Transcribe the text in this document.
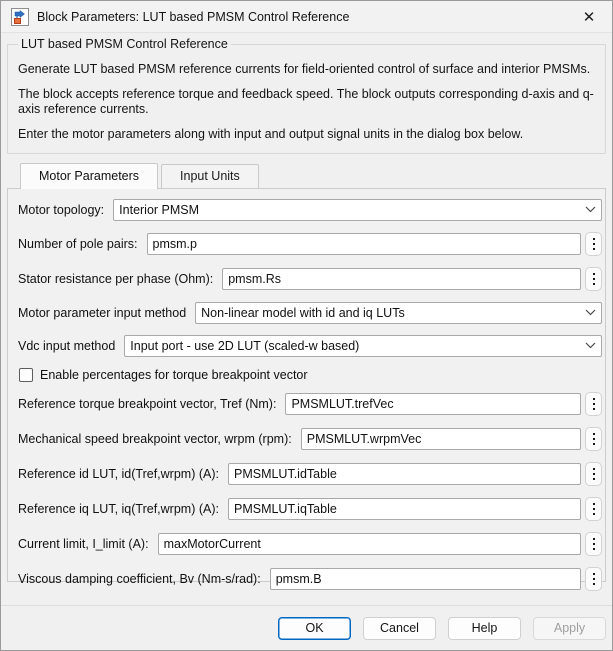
Block Parameters: LUT based PMSM Control Reference	✕
LUT based PMSM Control Reference

Generate LUT based PMSM reference currents for field-oriented control of surface and interior PMSMs.

The block accepts reference torque and feedback speed. The block outputs corresponding d-axis and q-axis reference currents.

Enter the motor parameters along with input and output signal units in the dialog box below.

Motor Parameters	Input Units
Motor topology: Interior PMSM
Number of pole pairs:	pmsm.p
Stator resistance per phase (Ohm):	pmsm.Rs
Motor parameter input method Non-linear model with id and iq LUTs
Vdc input method Input port - use 2D LUT (scaled-w based)
Enable percentages for torque breakpoint vector
Reference torque breakpoint vector, Tref (Nm):	PMSMLUT.trefVec
Mechanical speed breakpoint vector, wrpm (rpm):	PMSMLUT.wrpmVec
Reference id LUT, id(Tref,wrpm) (A):	PMSMLUT.idTable
Reference iq LUT, iq(Tref,wrpm) (A):	PMSMLUT.iqTable
Current limit, I_limit (A):	maxMotorCurrent
Viscous damping coefficient, Bv (Nm-s/rad):	pmsm.B
OK	Cancel	Help	Apply
